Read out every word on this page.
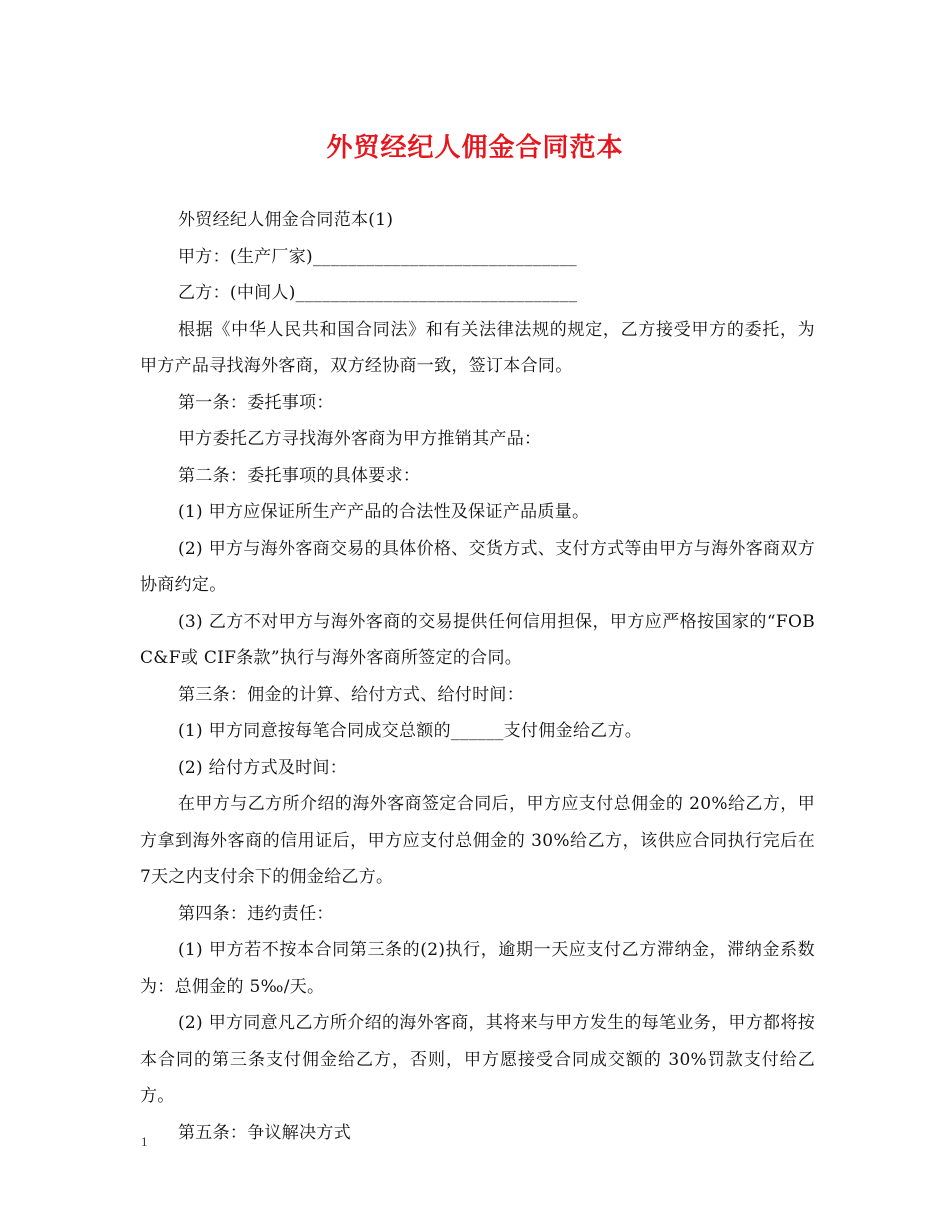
外贸经纪人佣金合同范本

外贸经纪人佣金合同范本(1)

甲方：(生产厂家)______________________________

乙方：(中间人)________________________________

根据《中华人民共和国合同法》和有关法律法规的规定，乙方接受甲方的委托，为甲方产品寻找海外客商，双方经协商一致，签订本合同。

第一条：委托事项：

甲方委托乙方寻找海外客商为甲方推销其产品：

第二条：委托事项的具体要求：

(1) 甲方应保证所生产产品的合法性及保证产品质量。

(2) 甲方与海外客商交易的具体价格、交货方式、支付方式等由甲方与海外客商双方协商约定。

(3) 乙方不对甲方与海外客商的交易提供任何信用担保，甲方应严格按国家的“FOB C&F或 CIF条款”执行与海外客商所签定的合同。

第三条：佣金的计算、给付方式、给付时间：

(1) 甲方同意按每笔合同成交总额的______支付佣金给乙方。

(2) 给付方式及时间：

在甲方与乙方所介绍的海外客商签定合同后，甲方应支付总佣金的 20%给乙方，甲方拿到海外客商的信用证后，甲方应支付总佣金的 30%给乙方，该供应合同执行完后在7天之内支付余下的佣金给乙方。

第四条：违约责任：

(1) 甲方若不按本合同第三条的(2)执行，逾期一天应支付乙方滞纳金，滞纳金系数为：总佣金的 5‰/天。

(2) 甲方同意凡乙方所介绍的海外客商，其将来与甲方发生的每笔业务，甲方都将按本合同的第三条支付佣金给乙方，否则，甲方愿接受合同成交额的 30%罚款支付给乙方。

第五条：争议解决方式

1
